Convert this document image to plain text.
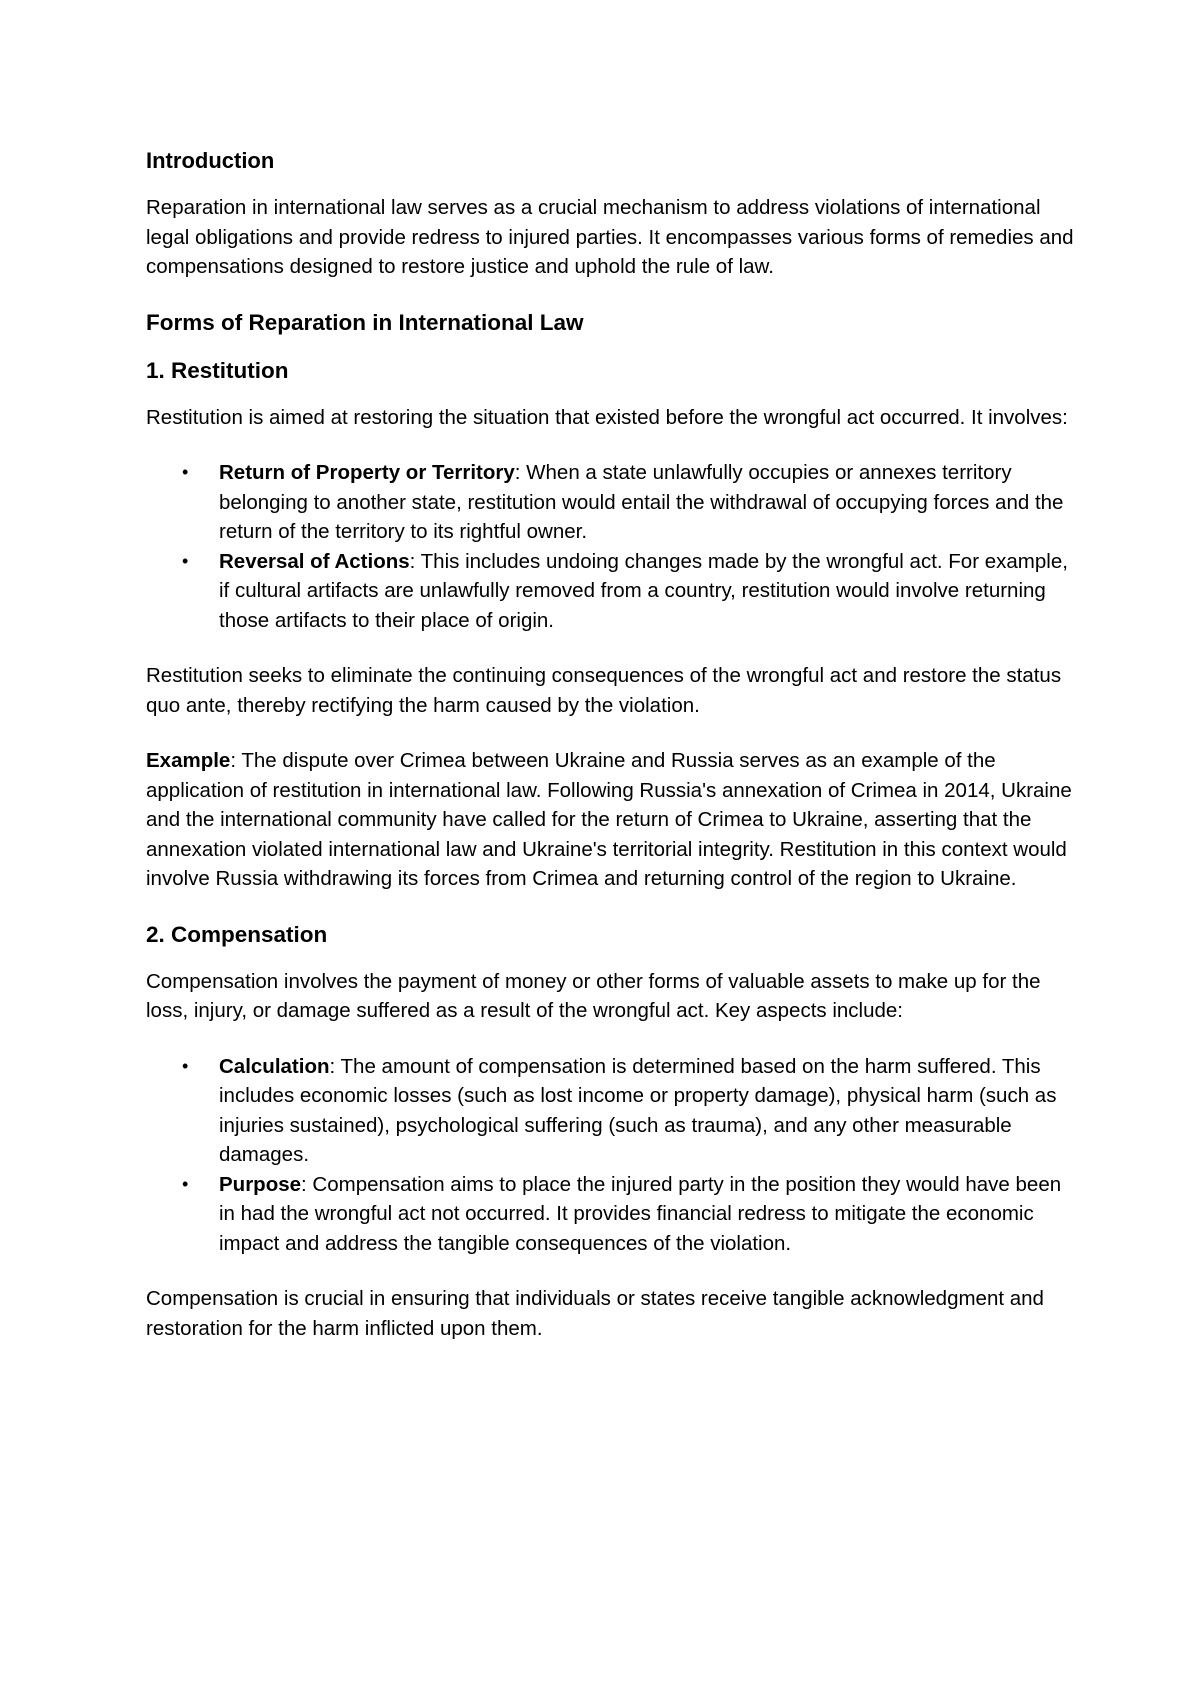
Introduction

Reparation in international law serves as a crucial mechanism to address violations of international legal obligations and provide redress to injured parties. It encompasses various forms of remedies and compensations designed to restore justice and uphold the rule of law.

Forms of Reparation in International Law
1. Restitution

Restitution is aimed at restoring the situation that existed before the wrongful act occurred. It involves:

• Return of Property or Territory: When a state unlawfully occupies or annexes territory belonging to another state, restitution would entail the withdrawal of occupying forces and the return of the territory to its rightful owner.
• Reversal of Actions: This includes undoing changes made by the wrongful act. For example, if cultural artifacts are unlawfully removed from a country, restitution would involve returning those artifacts to their place of origin.

Restitution seeks to eliminate the continuing consequences of the wrongful act and restore the status quo ante, thereby rectifying the harm caused by the violation.

Example: The dispute over Crimea between Ukraine and Russia serves as an example of the application of restitution in international law. Following Russia's annexation of Crimea in 2014, Ukraine and the international community have called for the return of Crimea to Ukraine, asserting that the annexation violated international law and Ukraine's territorial integrity. Restitution in this context would involve Russia withdrawing its forces from Crimea and returning control of the region to Ukraine.

2. Compensation

Compensation involves the payment of money or other forms of valuable assets to make up for the loss, injury, or damage suffered as a result of the wrongful act. Key aspects include:

• Calculation: The amount of compensation is determined based on the harm suffered. This includes economic losses (such as lost income or property damage), physical harm (such as injuries sustained), psychological suffering (such as trauma), and any other measurable damages.
• Purpose: Compensation aims to place the injured party in the position they would have been in had the wrongful act not occurred. It provides financial redress to mitigate the economic impact and address the tangible consequences of the violation.

Compensation is crucial in ensuring that individuals or states receive tangible acknowledgment and restoration for the harm inflicted upon them.
